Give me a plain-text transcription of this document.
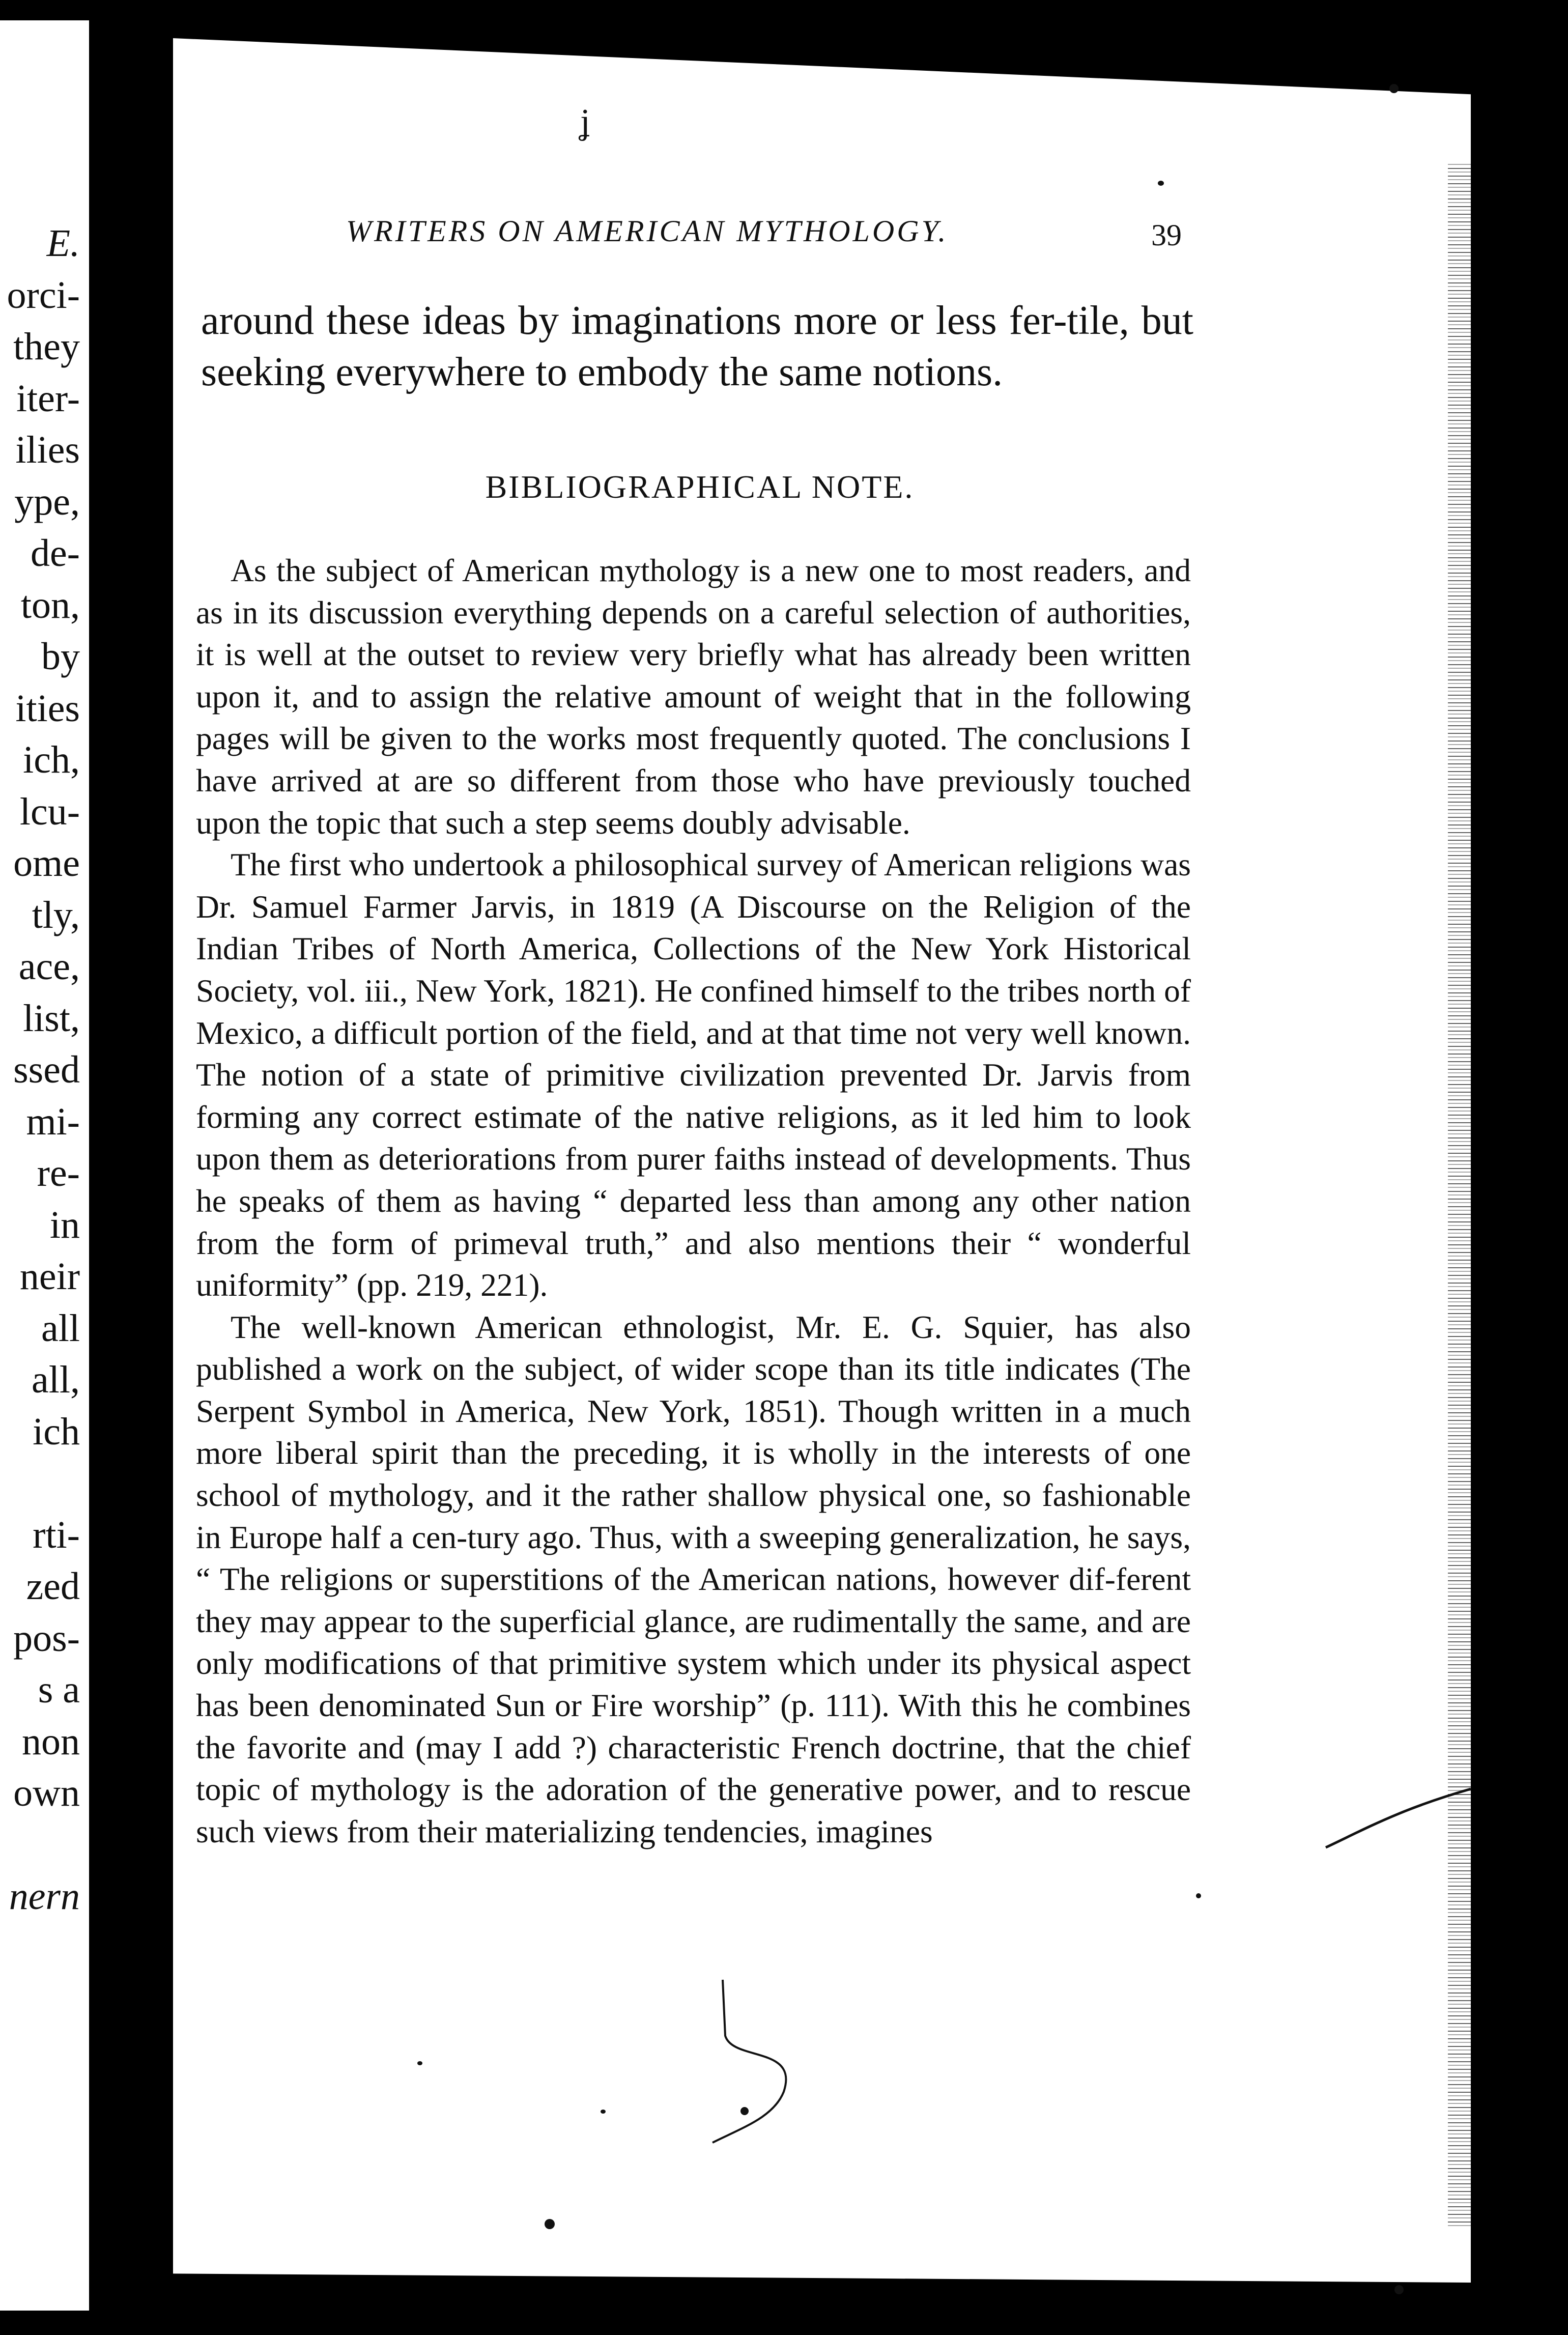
E.
orci-
they
iter-
ilies
ype,
de-
ton,
by
ities
ich,
lcu-
ome
tly,
ace,
list,
ssed
mi-
re-
in
neir
all
all,
ich
rti-
zed
pos-
s a
non
own
nern
ʝ
WRITERS ON AMERICAN MYTHOLOGY.	39
around these ideas by imaginations more or less fer-tile, but seeking everywhere to embody the same notions.
BIBLIOGRAPHICAL NOTE.

As the subject of American mythology is a new one to most readers, and as in its discussion everything depends on a careful selection of authorities, it is well at the outset to review very briefly what has already been written upon it, and to assign the relative amount of weight that in the following pages will be given to the works most frequently quoted. The conclusions I have arrived at are so different from those who have previously touched upon the topic that such a step seems doubly advisable.

The first who undertook a philosophical survey of American religions was Dr. Samuel Farmer Jarvis, in 1819 (A Discourse on the Religion of the Indian Tribes of North America, Collections of the New York Historical Society, vol. iii., New York, 1821). He confined himself to the tribes north of Mexico, a difficult portion of the field, and at that time not very well known. The notion of a state of primitive civilization prevented Dr. Jarvis from forming any correct estimate of the native religions, as it led him to look upon them as deteriorations from purer faiths instead of developments. Thus he speaks of them as having “ departed less than among any other nation from the form of primeval truth,” and also mentions their “ wonderful uniformity” (pp. 219, 221).

The well-known American ethnologist, Mr. E. G. Squier, has also published a work on the subject, of wider scope than its title indicates (The Serpent Symbol in America, New York, 1851). Though written in a much more liberal spirit than the preceding, it is wholly in the interests of one school of mythology, and it the rather shallow physical one, so fashionable in Europe half a cen-tury ago. Thus, with a sweeping generalization, he says, “ The religions or superstitions of the American nations, however dif-ferent they may appear to the superficial glance, are rudimentally the same, and are only modifications of that primitive system which under its physical aspect has been denominated Sun or Fire worship” (p. 111). With this he combines the favorite and (may I add ?) characteristic French doctrine, that the chief topic of mythology is the adoration of the generative power, and to rescue such views from their materializing tendencies, imagines
